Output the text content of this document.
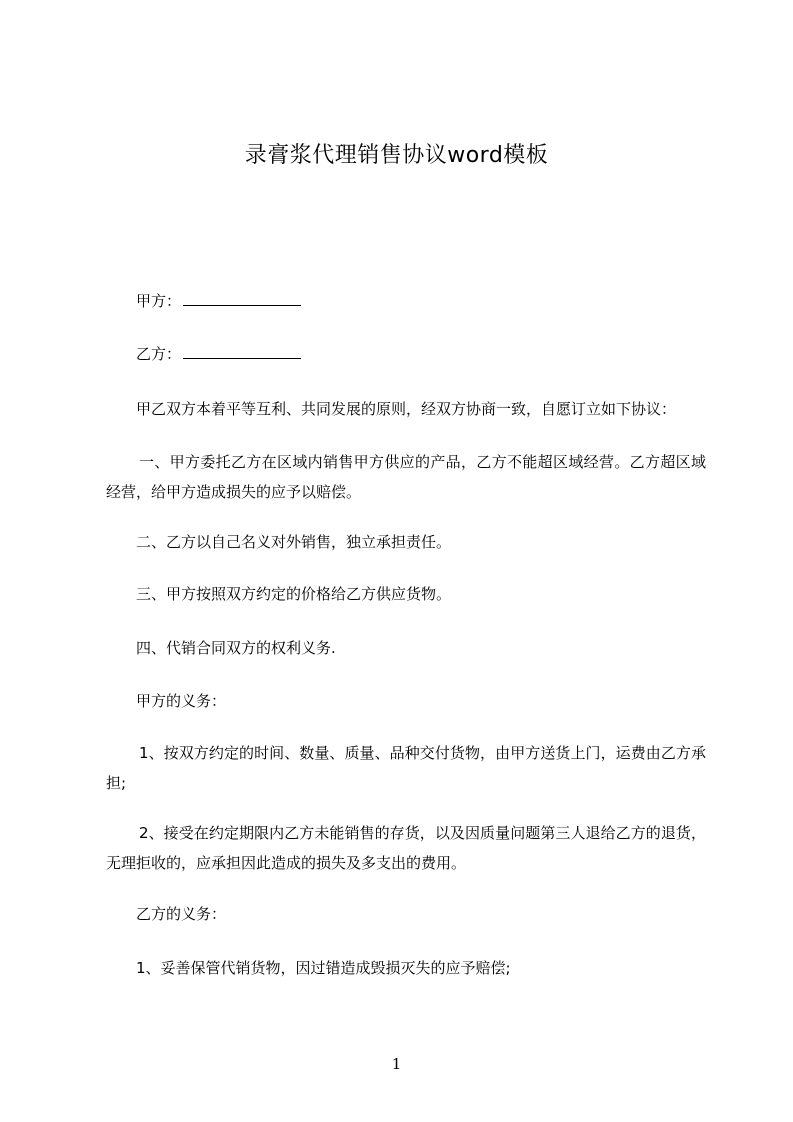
录膏浆代理销售协议word模板
甲方：
乙方：
甲乙双方本着平等互利、共同发展的原则，经双方协商一致，自愿订立如下协议：
一、甲方委托乙方在区域内销售甲方供应的产品，乙方不能超区域经营。乙方超区域经营，给甲方造成损失的应予以赔偿。
二、乙方以自己名义对外销售，独立承担责任。
三、甲方按照双方约定的价格给乙方供应货物。
四、代销合同双方的权利义务.
甲方的义务：
1、按双方约定的时间、数量、质量、品种交付货物，由甲方送货上门，运费由乙方承担;
2、接受在约定期限内乙方未能销售的存货，以及因质量问题第三人退给乙方的退货，无理拒收的，应承担因此造成的损失及多支出的费用。
乙方的义务：
1、妥善保管代销货物，因过错造成毁损灭失的应予赔偿;
1
